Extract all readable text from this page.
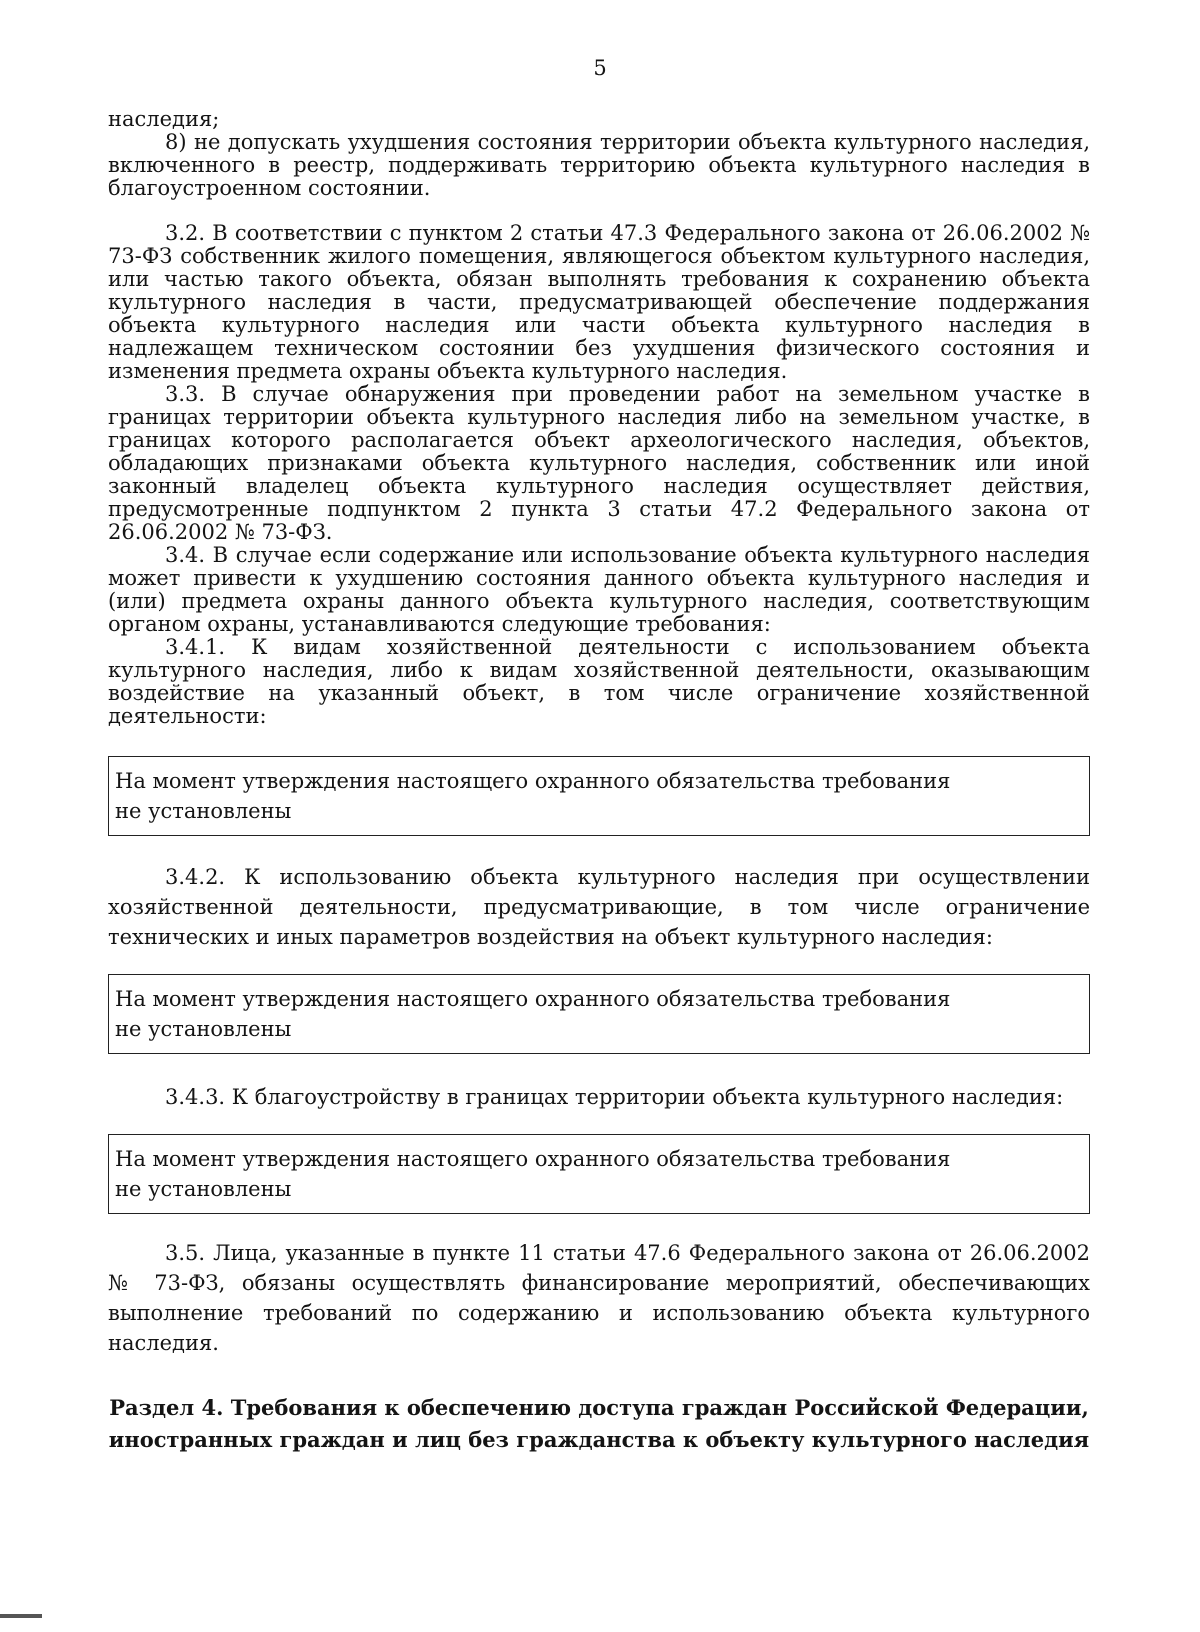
5

наследия;

8) не допускать ухудшения состояния территории объекта культурного наследия, включенного в реестр, поддерживать территорию объекта культурного наследия в благоустроенном состоянии.

3.2. В соответствии с пунктом 2 статьи 47.3 Федерального закона от 26.06.2002 № 73-ФЗ собственник жилого помещения, являющегося объектом культурного наследия, или частью такого объекта, обязан выполнять требования к сохранению объекта культурного наследия в части, предусматривающей обеспечение поддержания объекта культурного наследия или части объекта культурного наследия в надлежащем техническом состоянии без ухудшения физического состояния и изменения предмета охраны объекта культурного наследия.

3.3. В случае обнаружения при проведении работ на земельном участке в границах территории объекта культурного наследия либо на земельном участке, в границах которого располагается объект археологического наследия, объектов, обладающих признаками объекта культурного наследия, собственник или иной законный владелец объекта культурного наследия осуществляет действия, предусмотренные подпунктом 2 пункта 3 статьи 47.2 Федерального закона от 26.06.2002 № 73-ФЗ.

3.4. В случае если содержание или использование объекта культурного наследия может привести к ухудшению состояния данного объекта культурного наследия и (или) предмета охраны данного объекта культурного наследия, соответствующим органом охраны, устанавливаются следующие требования:

3.4.1. К видам хозяйственной деятельности с использованием объекта культурного наследия, либо к видам хозяйственной деятельности, оказывающим воздействие на указанный объект, в том числе ограничение хозяйственной деятельности:

На момент утверждения настоящего охранного обязательства требования
не установлены

3.4.2. К использованию объекта культурного наследия при осуществлении хозяйственной деятельности, предусматривающие, в том числе ограничение технических и иных параметров воздействия на объект культурного наследия:

На момент утверждения настоящего охранного обязательства требования
не установлены

3.4.3. К благоустройству в границах территории объекта культурного наследия:

На момент утверждения настоящего охранного обязательства требования
не установлены

3.5. Лица, указанные в пункте 11 статьи 47.6 Федерального закона от 26.06.2002 № 73-ФЗ, обязаны осуществлять финансирование мероприятий, обеспечивающих выполнение требований по содержанию и использованию объекта культурного наследия.

Раздел 4. Требования к обеспечению доступа граждан Российской Федерации, иностранных граждан и лиц без гражданства к объекту культурного наследия
